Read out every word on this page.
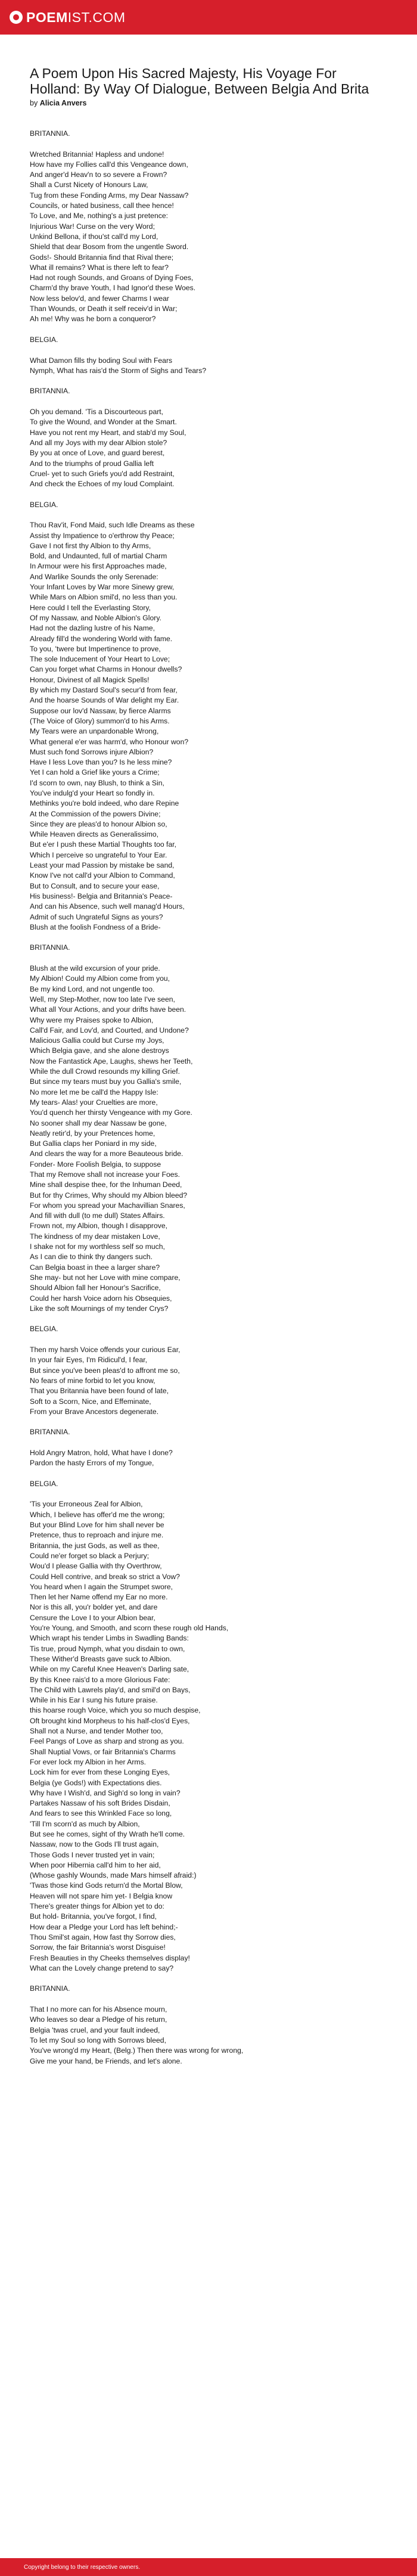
POEMIST.COM
A Poem Upon His Sacred Majesty, His Voyage For Holland: By Way Of Dialogue, Between Belgia And Brita
by Alicia Anvers
BRITANNIA.
Wretched Britannia! Hapless and undone!
How have my Follies call'd this Vengeance down,
And anger'd Heav'n to so severe a Frown?
Shall a Curst Nicety of Honours Law,
Tug from these Fonding Arms, my Dear Nassaw?
Councils, or hated business, call thee hence!
To Love, and Me, nothing's a just pretence:
Injurious War! Curse on the very Word;
Unkind Bellona, if thou'st call'd my Lord,
Shield that dear Bosom from the ungentle Sword.
Gods!- Should Britannia find that Rival there;
What ill remains? What is there left to fear?
Had not rough Sounds, and Groans of Dying Foes,
Charm'd thy brave Youth, I had Ignor'd these Woes.
Now less belov'd, and fewer Charms I wear
Than Wounds, or Death it self receiv'd in War;
Ah me! Why was he born a conqueror?
BELGIA.
What Damon fills thy boding Soul with Fears
Nymph, What has rais'd the Storm of Sighs and Tears?
BRITANNIA.
Oh you demand. 'Tis a Discourteous part,
To give the Wound, and Wonder at the Smart.
Have you not rent my Heart, and stab'd my Soul,
And all my Joys with my dear Albion stole?
By you at once of Love, and guard berest,
And to the triumphs of proud Gallia left
Cruel- yet to such Griefs you'd add Restraint,
And check the Echoes of my loud Complaint.
BELGIA.
Thou Rav'it, Fond Maid, such Idle Dreams as these
Assist thy Impatience to o'erthrow thy Peace;
Gave I not first thy Albion to thy Arms,
Bold, and Undaunted, full of martial Charm
In Armour were his first Approaches made,
And Warlike Sounds the only Serenade:
Your Infant Loves by War more Sinewy grew,
While Mars on Albion smil'd, no less than you.
Here could I tell the Everlasting Story,
Of my Nassaw, and Noble Albion's Glory.
Had not the dazling lustre of his Name,
Already fill'd the wondering World with fame.
To you, 'twere but Impertinence to prove,
The sole Inducement of Your Heart to Love;
Can you forget what Charms in Honour dwells?
Honour, Divinest of all Magick Spells!
By which my Dastard Soul's secur'd from fear,
And the hoarse Sounds of War delight my Ear.
Suppose our lov'd Nassaw, by fierce Alarms
(The Voice of Glory) summon'd to his Arms.
My Tears were an unpardonable Wrong,
What general e'er was harm'd, who Honour won?
Must such fond Sorrows injure Albion?
Have I less Love than you? Is he less mine?
Yet I can hold a Grief like yours a Crime;
I'd scorn to own, nay Blush, to think a Sin,
You've indulg'd your Heart so fondly in.
Methinks you're bold indeed, who dare Repine
At the Commission of the powers Divine;
Since they are pleas'd to honour Albion so,
While Heaven directs as Generalissimo,
But e'er I push these Martial Thoughts too far,
Which I perceive so ungrateful to Your Ear.
Least your mad Passion by mistake be sand,
Know I've not call'd your Albion to Command,
But to Consult, and to secure your ease,
His business!- Belgia and Britannia's Peace-
And can his Absence, such well manag'd Hours,
Admit of such Ungrateful Signs as yours?
Blush at the foolish Fondness of a Bride-
BRITANNIA.
Blush at the wild excursion of your pride.
My Albion! Could my Albion come from you,
Be my kind Lord, and not ungentle too.
Well, my Step-Mother, now too late I've seen,
What all Your Actions, and your drifts have been.
Why were my Praises spoke to Albion,
Call'd Fair, and Lov'd, and Courted, and Undone?
Malicious Gallia could but Curse my Joys,
Which Belgia gave, and she alone destroys
Now the Fantastick Ape, Laughs, shews her Teeth,
While the dull Crowd resounds my killing Grief.
But since my tears must buy you Gallia's smile,
No more let me be call'd the Happy Isle:
My tears- Alas! your Cruelties are more,
You'd quench her thirsty Vengeance with my Gore.
No sooner shall my dear Nassaw be gone,
Neatly retir'd, by your Pretences home,
But Gallia claps her Poniard in my side,
And clears the way for a more Beauteous bride.
Fonder- More Foolish Belgia, to suppose
That my Remove shall not increase your Foes.
Mine shall despise thee, for the Inhuman Deed,
But for thy Crimes, Why should my Albion bleed?
For whom you spread your Machavillian Snares,
And fill with dull (to me dull) States Affairs.
Frown not, my Albion, though I disapprove,
The kindness of my dear mistaken Love,
I shake not for my worthless self so much,
As I can die to think thy dangers such.
Can Belgia boast in thee a larger share?
She may- but not her Love with mine compare,
Should Albion fall her Honour's Sacrifice,
Could her harsh Voice adorn his Obsequies,
Like the soft Mournings of my tender Crys?
BELGIA.
Then my harsh Voice offends your curious Ear,
In your fair Eyes, I'm Ridicul'd, I fear,
But since you've been pleas'd to affront me so,
No fears of mine forbid to let you know,
That you Britannia have been found of late,
Soft to a Scorn, Nice, and Effeminate,
From your Brave Ancestors degenerate.
BRITANNIA.
Hold Angry Matron, hold, What have I done?
Pardon the hasty Errors of my Tongue,
BELGIA.
'Tis your Erroneous Zeal for Albion,
Which, I believe has offer'd me the wrong;
But your Blind Love for him shall never be
Pretence, thus to reproach and injure me.
Britannia, the just Gods, as well as thee,
Could ne'er forget so black a Perjury;
Wou'd I please Gallia with thy Overthrow,
Could Hell contrive, and break so strict a Vow?
You heard when I again the Strumpet swore,
Then let her Name offend my Ear no more.
Nor is this all, you'r bolder yet, and dare
Censure the Love I to your Albion bear,
You're Young, and Smooth, and scorn these rough old Hands,
Which wrapt his tender Limbs in Swadling Bands:
Tis true, proud Nymph, what you disdain to own,
These Wither'd Breasts gave suck to Albion.
While on my Careful Knee Heaven's Darling sate,
By this Knee rais'd to a more Glorious Fate:
The Child with Lawrels play'd, and smil'd on Bays,
While in his Ear I sung his future praise.
this hoarse rough Voice, which you so much despise,
Oft brought kind Morpheus to his half-clos'd Eyes,
Shall not a Nurse, and tender Mother too,
Feel Pangs of Love as sharp and strong as you.
Shall Nuptial Vows, or fair Britannia's Charms
For ever lock my Albion in her Arms.
Lock him for ever from these Longing Eyes,
Belgia (ye Gods!) with Expectations dies.
Why have I Wish'd, and Sigh'd so long in vain?
Partakes Nassaw of his soft Brides Disdain,
And fears to see this Wrinkled Face so long,
'Till I'm scorn'd as much by Albion,
But see he comes, sight of thy Wrath he'll come.
Nassaw, now to the Gods I'll trust again,
Those Gods I never trusted yet in vain;
When poor Hibernia call'd him to her aid,
(Whose gashly Wounds, made Mars himself afraid:)
'Twas those kind Gods return'd the Mortal Blow,
Heaven will not spare him yet- I Belgia know
There's greater things for Albion yet to do:
But hold- Britannia, you've forgot, I find,
How dear a Pledge your Lord has left behind;-
Thou Smil'st again, How fast thy Sorrow dies,
Sorrow, the fair Britannia's worst Disguise!
Fresh Beauties in thy Cheeks themselves display!
What can the Lovely change pretend to say?
BRITANNIA.
That I no more can for his Absence mourn,
Who leaves so dear a Pledge of his return,
Belgia 'twas cruel, and your fault indeed,
To let my Soul so long with Sorrows bleed,
You've wrong'd my Heart, (Belg.) Then there was wrong for wrong,
Give me your hand, be Friends, and let's alone.
Copyright belong to their respective owners.
